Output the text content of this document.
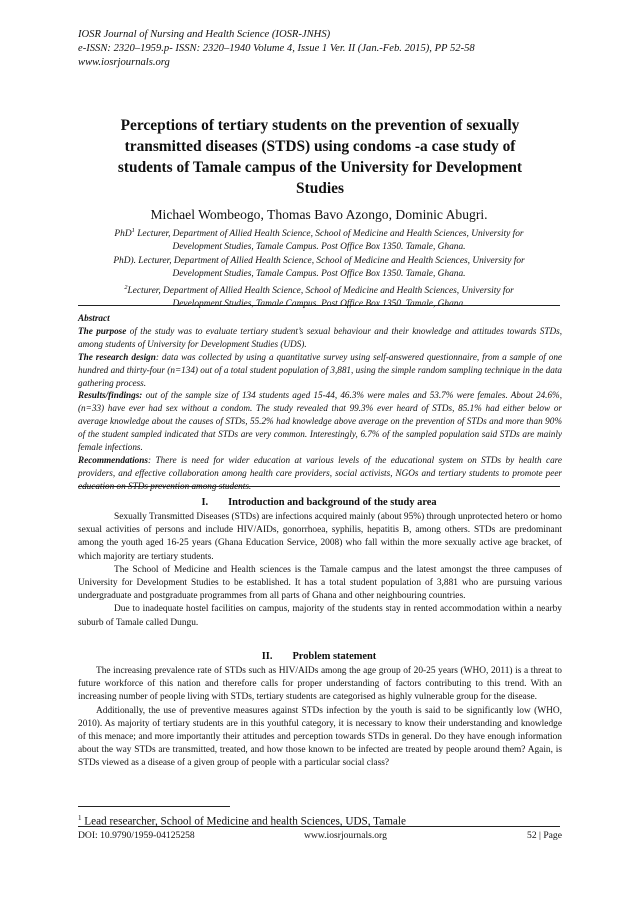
IOSR Journal of Nursing and Health Science (IOSR-JNHS)
e-ISSN: 2320–1959.p- ISSN: 2320–1940 Volume 4, Issue 1 Ver. II (Jan.-Feb. 2015), PP 52-58
www.iosrjournals.org
Perceptions of tertiary students on the prevention of sexually
transmitted diseases (STDS) using condoms -a case study of
students of Tamale campus of the University for Development
Studies
Michael Wombeogo, Thomas Bavo Azongo, Dominic Abugri.
PhD$^1$ Lecturer, Department of Allied Health Science, School of Medicine and Health Sciences, University for
Development Studies, Tamale Campus. Post Office Box 1350. Tamale, Ghana.
PhD). Lecturer, Department of Allied Health Science, School of Medicine and Health Sciences, University for
Development Studies, Tamale Campus. Post Office Box 1350. Tamale, Ghana.
$^2$Lecturer, Department of Allied Health Science, School of Medicine and Health Sciences, University for
Development Studies, Tamale Campus. Post Office Box 1350. Tamale, Ghana.

Abstract

The purpose of the study was to evaluate tertiary student’s sexual behaviour and their knowledge and attitudes towards STDs, among students of University for Development Studies (UDS).

The research design: data was collected by using a quantitative survey using self-answered questionnaire, from a sample of one hundred and thirty-four (n=134) out of a total student population of 3,881, using the simple random sampling technique in the data gathering process.

Results/findings: out of the sample size of 134 students aged 15-44, 46.3% were males and 53.7% were females. About 24.6%, (n=33) have ever had sex without a condom. The study revealed that 99.3% ever heard of STDs, 85.1% had either below or average knowledge about the causes of STDs, 55.2% had knowledge above average on the prevention of STDs and more than 90% of the student sampled indicated that STDs are very common. Interestingly, 6.7% of the sampled population said STDs are mainly female infections.

Recommendations: There is need for wider education at various levels of the educational system on STDs by health care providers, and effective collaboration among health care providers, social activists, NGOs and tertiary students to promote peer education on STDs prevention among students.

I. Introduction and background of the study area

Sexually Transmitted Diseases (STDs) are infections acquired mainly (about 95%) through unprotected hetero or homo sexual activities of persons and include HIV/AIDs, gonorrhoea, syphilis, hepatitis B, among others. STDs are predominant among the youth aged 16-25 years (Ghana Education Service, 2008) who fall within the more sexually active age bracket, of which majority are tertiary students.

The School of Medicine and Health sciences is the Tamale campus and the latest amongst the three campuses of University for Development Studies to be established. It has a total student population of 3,881 who are pursuing various undergraduate and postgraduate programmes from all parts of Ghana and other neighbouring countries.

Due to inadequate hostel facilities on campus, majority of the students stay in rented accommodation within a nearby suburb of Tamale called Dungu.

II. Problem statement

The increasing prevalence rate of STDs such as HIV/AIDs among the age group of 20-25 years (WHO, 2011) is a threat to future workforce of this nation and therefore calls for proper understanding of factors contributing to this trend. With an increasing number of people living with STDs, tertiary students are categorised as highly vulnerable group for the disease.

Additionally, the use of preventive measures against STDs infection by the youth is said to be significantly low (WHO, 2010). As majority of tertiary students are in this youthful category, it is necessary to know their understanding and knowledge of this menace; and more importantly their attitudes and perception towards STDs in general. Do they have enough information about the way STDs are transmitted, treated, and how those known to be infected are treated by people around them? Again, is STDs viewed as a disease of a given group of people with a particular social class?

$^1$ Lead researcher, School of Medicine and health Sciences, UDS, Tamale
DOI: 10.9790/1959-04125258	www.iosrjournals.org	52 | Page
